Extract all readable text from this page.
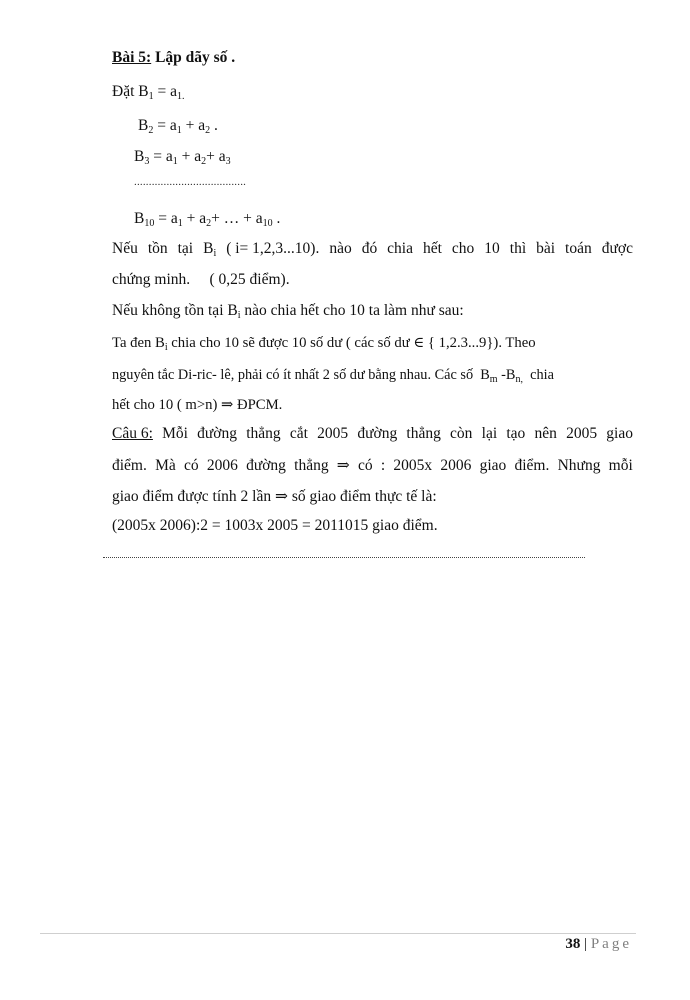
Bài 5: Lập dãy số .
Đặt $B_1 = a_{1.}$
$B_2 = a_1 + a_2$ .
$B_3 = a_1 + a_2+ a_3$
......................................
$B_{10} = a_1 + a_2+$ … + $a_{10}$ .
Nếu tồn tại $B_i$ ( i= 1,2,3...10). nào đó chia hết cho 10 thì bài toán được
chứng minh.     ( 0,25 điểm).
Nếu không tồn tại $B_i$ nào chia hết cho 10 ta làm như sau:
Ta đen $B_i$ chia cho 10 sẽ được 10 số dư ( các số dư ∈ { 1,2.3...9}). Theo
nguyên tắc Di-ric- lê, phải có ít nhất 2 số dư bằng nhau. Các số  $B_m$ $-B_{n,}$  chia
hết cho 10 ( m>n) ⇒ ĐPCM.
Câu 6: Mỗi đường thẳng cắt 2005 đường thẳng còn lại tạo nên 2005 giao
điểm. Mà có 2006 đường thẳng ⇒ có : 2005x 2006 giao điểm. Nhưng mỗi
giao điểm được tính 2 lần ⇒ số giao điểm thực tế là:
(2005x 2006):2 = 1003x 2005 = 2011015 giao điểm.
38 | Page
